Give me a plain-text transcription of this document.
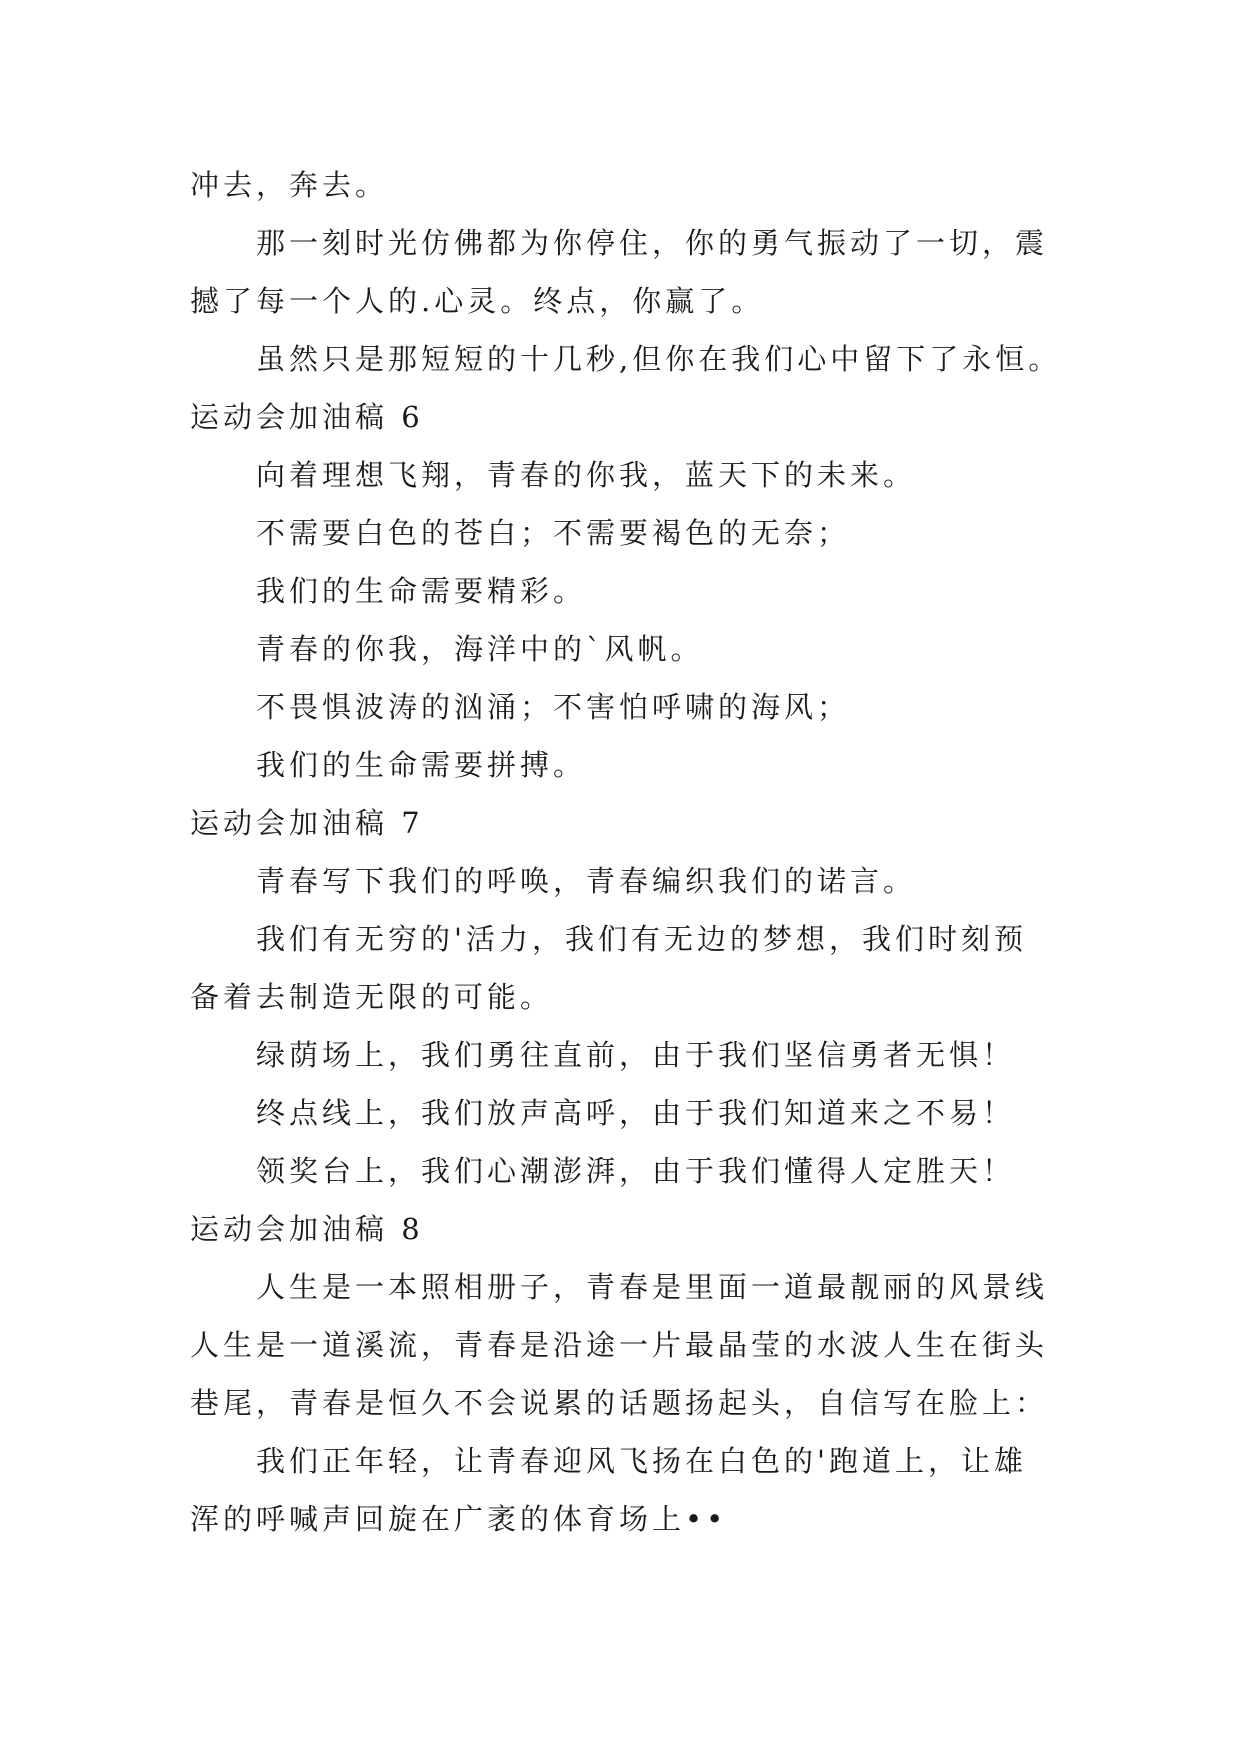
冲去，奔去。
那一刻时光仿佛都为你停住，你的勇气振动了一切，震
撼了每一个人的.心灵。终点，你赢了。
虽然只是那短短的十几秒,但你在我们心中留下了永恒。
运动会加油稿 6
向着理想飞翔，青春的你我，蓝天下的未来。
不需要白色的苍白；不需要褐色的无奈；
我们的生命需要精彩。
青春的你我，海洋中的`风帆。
不畏惧波涛的汹涌；不害怕呼啸的海风；
我们的生命需要拼搏。
运动会加油稿 7
青春写下我们的呼唤，青春编织我们的诺言。
我们有无穷的'活力，我们有无边的梦想，我们时刻预
备着去制造无限的可能。
绿荫场上，我们勇往直前，由于我们坚信勇者无惧！
终点线上，我们放声高呼，由于我们知道来之不易！
领奖台上，我们心潮澎湃，由于我们懂得人定胜天！
运动会加油稿 8
人生是一本照相册子，青春是里面一道最靓丽的风景线
人生是一道溪流，青春是沿途一片最晶莹的水波人生在街头
巷尾，青春是恒久不会说累的话题扬起头，自信写在脸上：
我们正年轻，让青春迎风飞扬在白色的'跑道上，让雄
浑的呼喊声回旋在广袤的体育场上••
